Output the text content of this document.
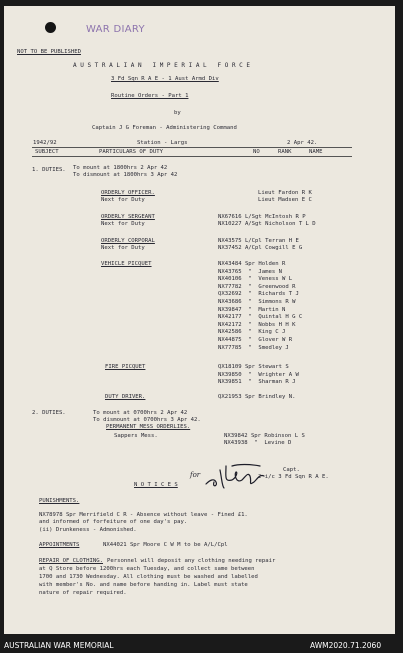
WAR DIARY
NOT TO BE PUBLISHED
A U S T R A L I A N   I M P E R I A L   F O R C E
3 Fd Sqn R A E - 1 Aust Armd Div
Routine Orders - Part 1
by
Captain J G Foreman - Administering Command
1942/92	Station - Largs	2 Apr 42.
SUBJECT	PARTICULARS OF DUTY	NO	RANK	NAME
1. DUTIES. To mount at 1800hrs 2 Apr 42
To dismount at 1800hrs 3 Apr 42
ORDERLY OFFICER.
Next for Duty
Lieut Fardon R K
Lieut Madsen E C
ORDERLY SERGEANT
Next for Duty
NX67616 L/Sgt McIntosh R P
NX10227 A/Sgt Nicholson T L D
ORDERLY CORPORAL
Next for Duty
NX43575 L/Cpl Terran H E
NX37452 A/Cpl Cowgill E G
VEHICLE PICQUET	NX43484 Spr Holden R
NX43765  "  James N
NX40106  "  Veness W L
NX77782  "  Greenwood R
QX32692  "  Richards T J
NX43686  "  Simmons R W
NX39847  "  Martin N
NX42177  "  Quintal H G C
NX42172  "  Nobbs H H K
NX42586  "  King C J
NX44875  "  Glover W R
NX77785  "  Smedley J
FIRE PICQUET	QX18109 Spr Stewart S
NX39850  "  Wrighter A W
NX39851  "  Sharman R J
DUTY DRIVER.	QX21953 Spr Brindley N.
2. DUTIES.	To mount at 0700hrs 2 Apr 42
To dismount at 0700hrs 3 Apr 42.
PERMANENT MESS ORDERLIES.
Sappers Mess.	NX39842 Spr Robinson L S
NX43938  "  Levine D
for
Capt.
2 i/c 3 Fd Sqn R A E.
N O T I C E S
PUNISHMENTS.
NX78978 Spr Merrifield C R - Absence without leave - Fined £1.
and informed of forfeiture of one day's pay.
(ii) Drunkeness - Admonished.
APPOINTMENTS	NX44021 Spr Moore C W M to be A/L/Cpl
REPAIR OF CLOTHING. Personnel will deposit any clothing needing repair
at Q Store before 1200hrs each Tuesday, and collect same between
1700 and 1730 Wednesday. All clothing must be washed and labelled
with member's No. and name before handing in. Label must state
nature of repair required.
AUSTRALIAN WAR MEMORIAL	AWM2020.71.2060
